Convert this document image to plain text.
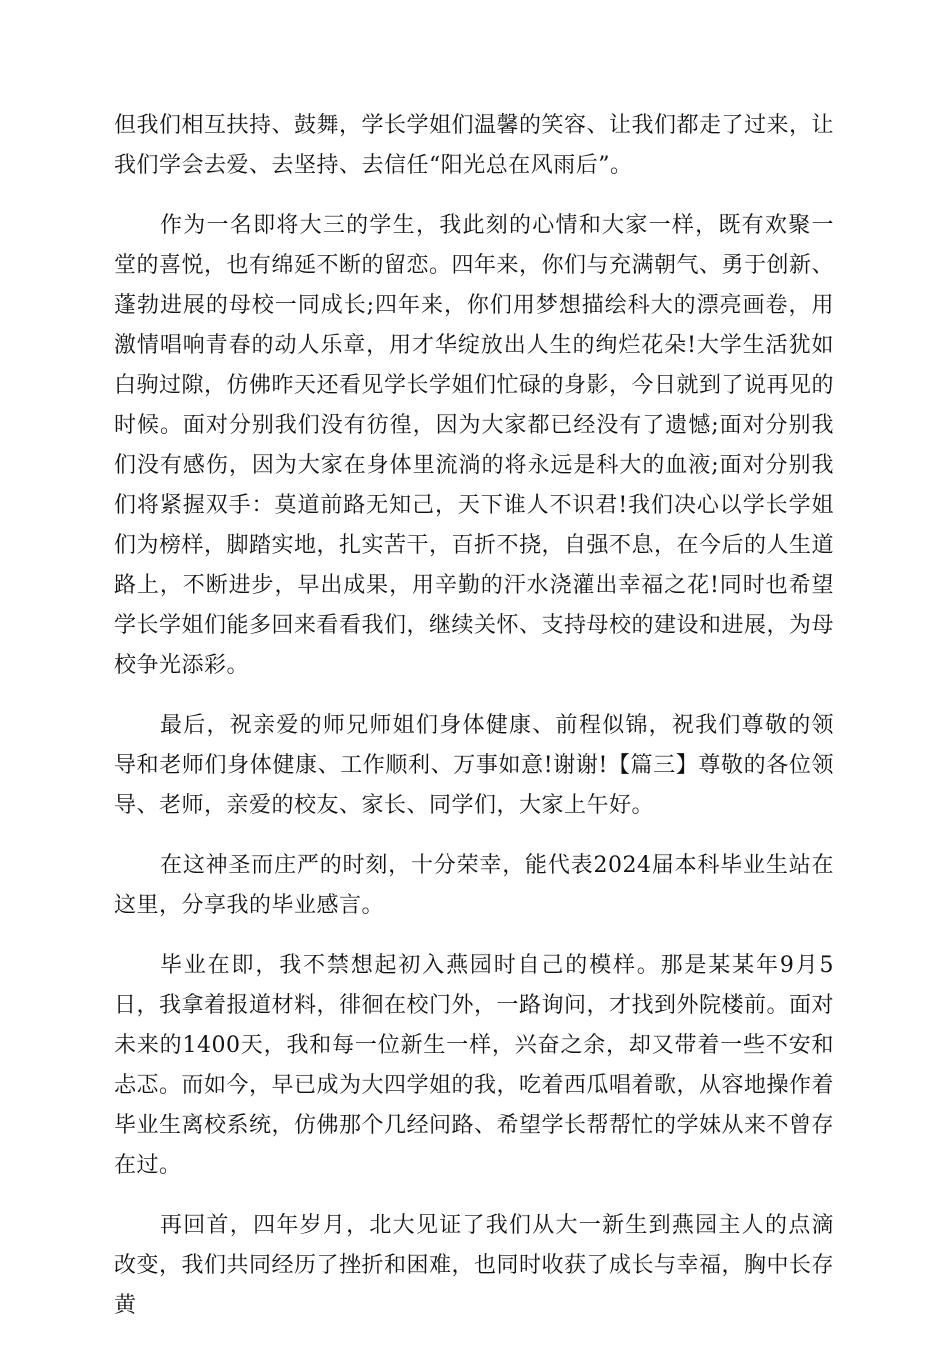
但我们相互扶持、鼓舞，学长学姐们温馨的笑容、让我们都走了过来，让我们学会去爱、去坚持、去信任“阳光总在风雨后”。

作为一名即将大三的学生，我此刻的心情和大家一样，既有欢聚一堂的喜悦，也有绵延不断的留恋。四年来，你们与充满朝气、勇于创新、蓬勃进展的母校一同成长;四年来，你们用梦想描绘科大的漂亮画卷，用激情唱响青春的动人乐章，用才华绽放出人生的绚烂花朵!大学生活犹如白驹过隙，仿佛昨天还看见学长学姐们忙碌的身影，今日就到了说再见的时候。面对分别我们没有彷徨，因为大家都已经没有了遗憾;面对分别我们没有感伤，因为大家在身体里流淌的将永远是科大的血液;面对分别我们将紧握双手：莫道前路无知己，天下谁人不识君!我们决心以学长学姐们为榜样，脚踏实地，扎实苦干，百折不挠，自强不息，在今后的人生道路上，不断进步，早出成果，用辛勤的汗水浇灌出幸福之花!同时也希望学长学姐们能多回来看看我们，继续关怀、支持母校的建设和进展，为母校争光添彩。

最后，祝亲爱的师兄师姐们身体健康、前程似锦，祝我们尊敬的领导和老师们身体健康、工作顺利、万事如意!谢谢!【篇三】尊敬的各位领导、老师，亲爱的校友、家长、同学们，大家上午好。

在这神圣而庄严的时刻，十分荣幸，能代表2024届本科毕业生站在这里，分享我的毕业感言。

毕业在即，我不禁想起初入燕园时自己的模样。那是某某年9月5日，我拿着报道材料，徘徊在校门外，一路询问，才找到外院楼前。面对未来的1400天，我和每一位新生一样，兴奋之余，却又带着一些不安和忐忑。而如今，早已成为大四学姐的我，吃着西瓜唱着歌，从容地操作着毕业生离校系统，仿佛那个几经问路、希望学长帮帮忙的学妹从来不曾存在过。

再回首，四年岁月，北大见证了我们从大一新生到燕园主人的点滴改变，我们共同经历了挫折和困难，也同时收获了成长与幸福，胸中长存黄
